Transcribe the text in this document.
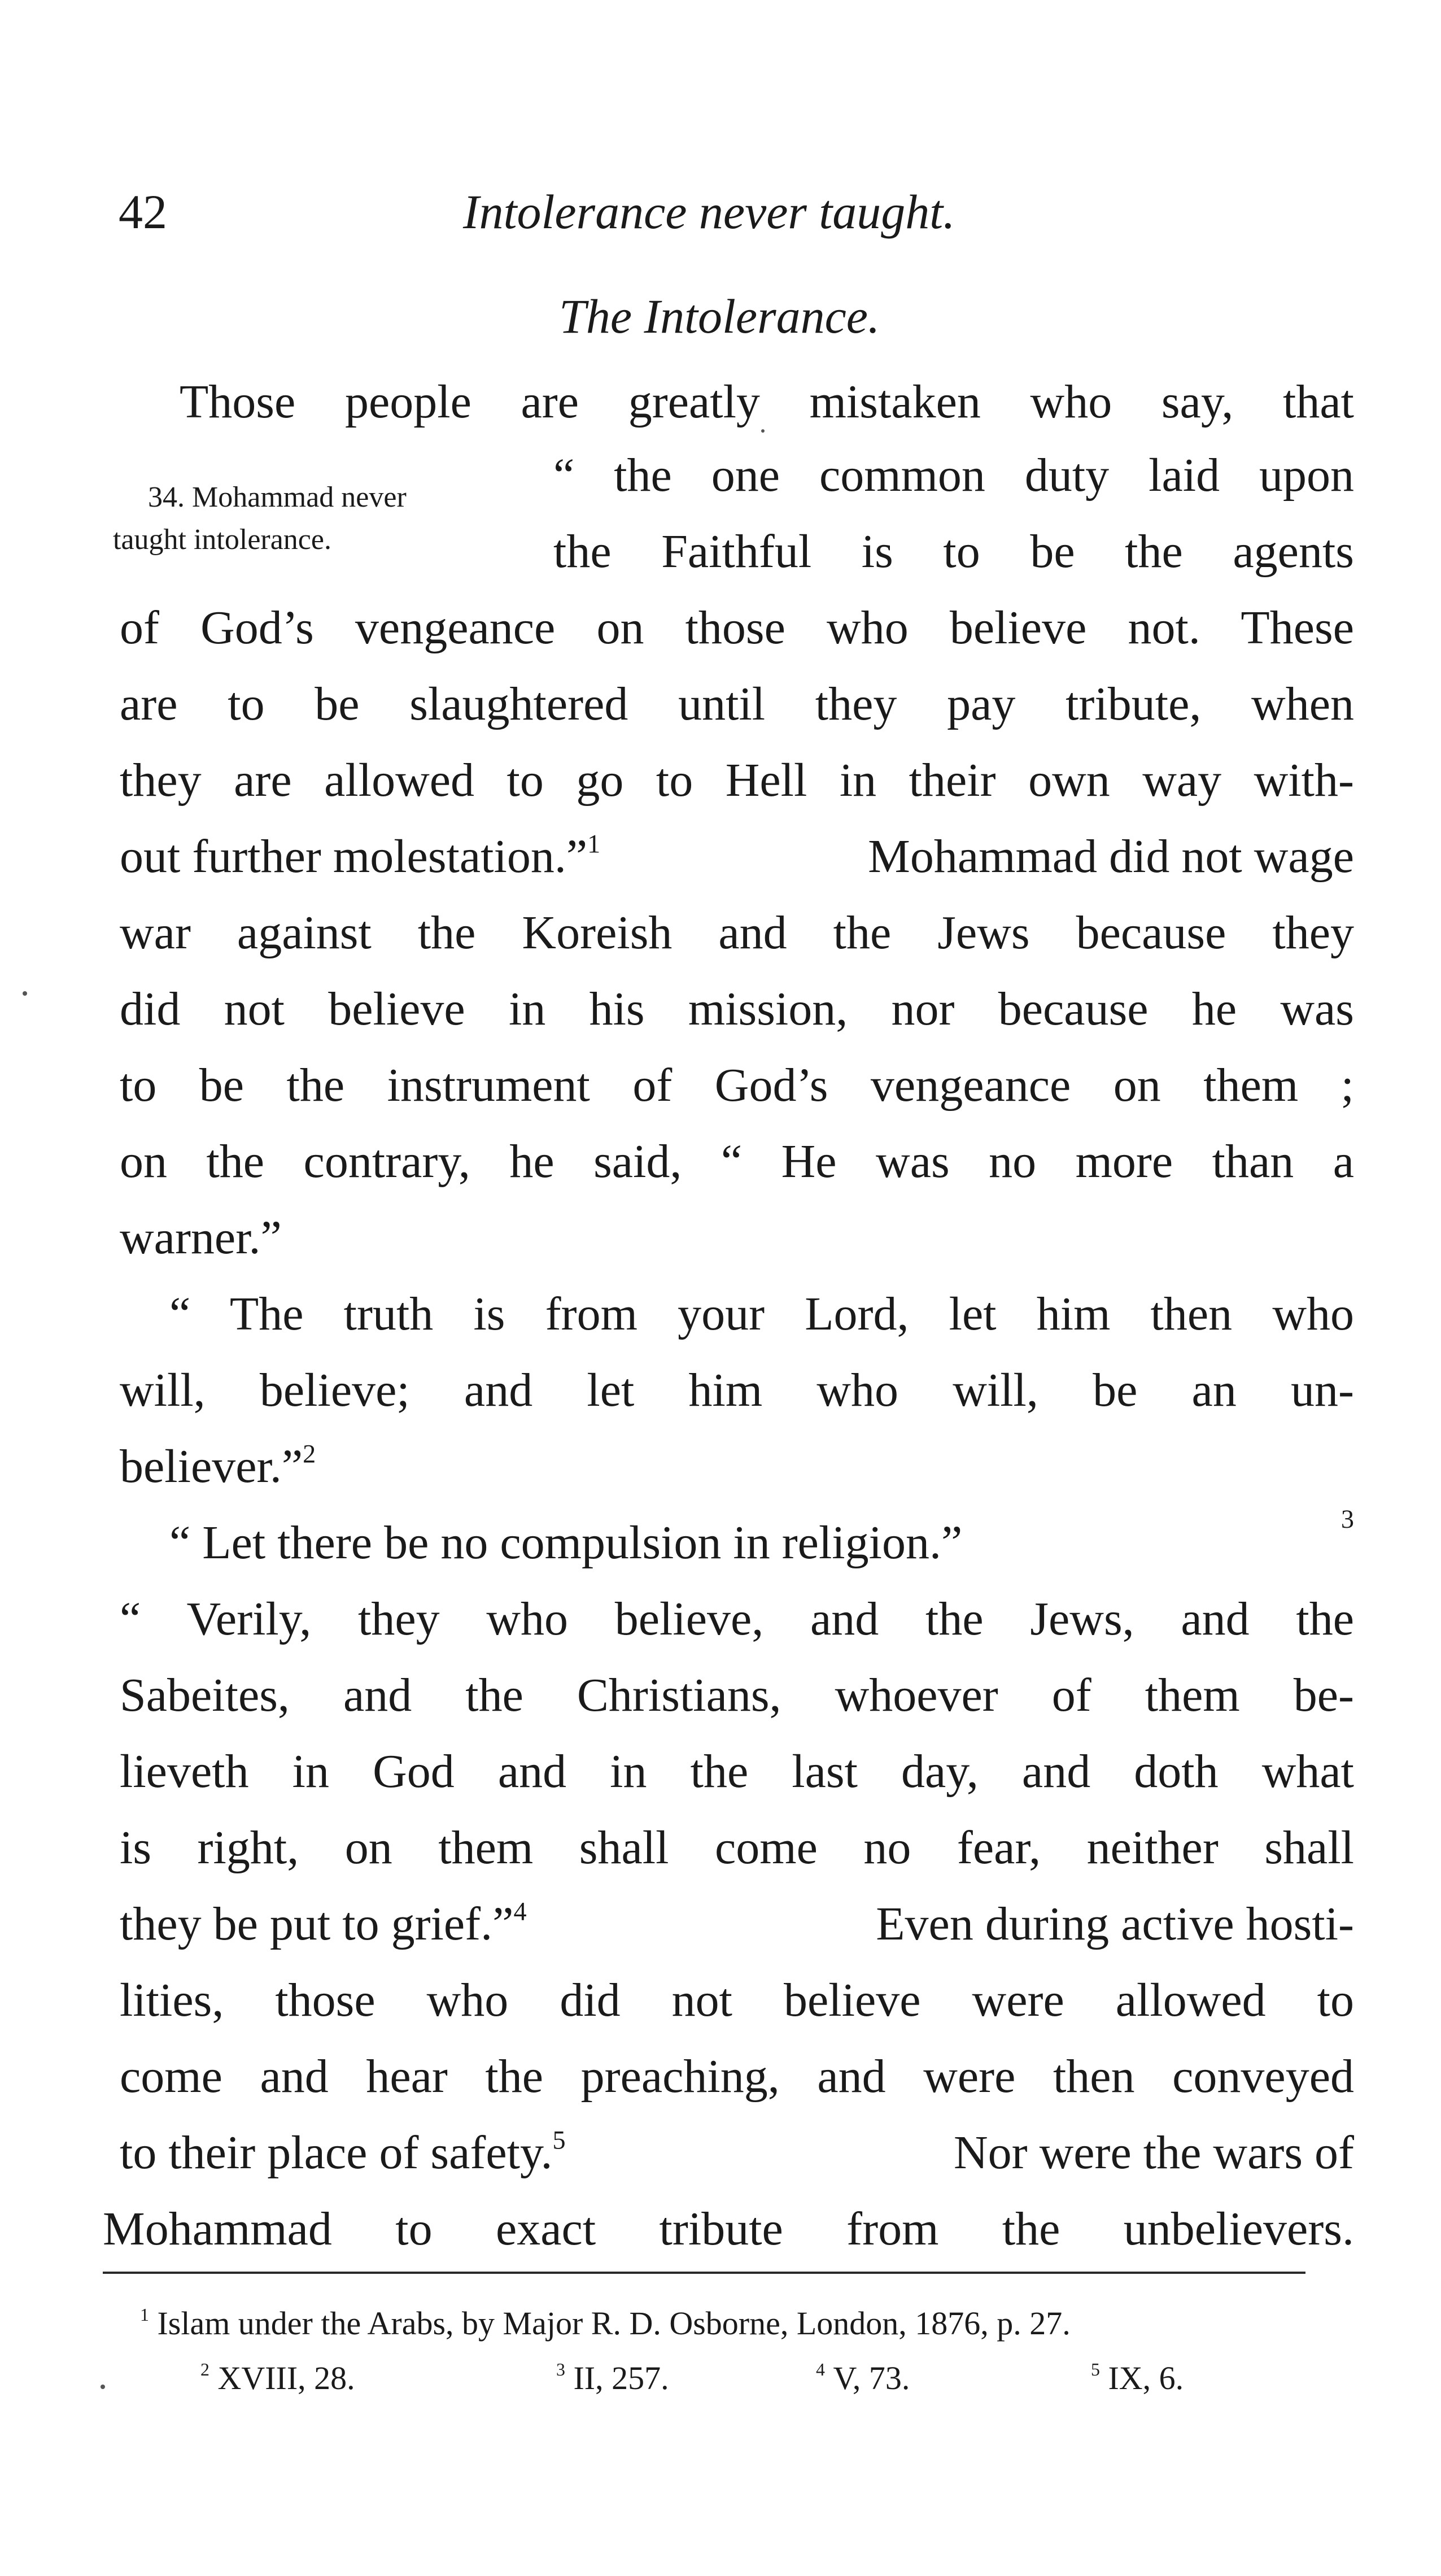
42	Intolerance never taught.
The Intolerance.
Those people are greatly mistaken who say, that
34. Mohammad never
taught intolerance.
“ the one common duty laid upon
the Faithful is to be the agents
of God’s vengeance on those who believe not. These
are to be slaughtered until they pay tribute, when
they are allowed to go to Hell in their own way with-
out further molestation.”$^1$	Mohammad did not wage
war against the Koreish and the Jews because they
did not believe in his mission, nor because he was
to be the instrument of God’s vengeance on them ;
on the contrary, he said, “ He was no more than a
warner.”
“ The truth is from your Lord, let him then who
will, believe; and let him who will, be an un-
believer.”$^2$
“ Let there be no compulsion in religion.”	3
“ Verily, they who believe, and the Jews, and the
Sabeites, and the Christians, whoever of them be-
lieveth in God and in the last day, and doth what
is right, on them shall come no fear, neither shall
they be put to grief.”$^4$	Even during active hosti-
lities, those who did not believe were allowed to
come and hear the preaching, and were then conveyed
to their place of safety.$^5$	Nor were the wars of
Mohammad to exact tribute from the unbelievers.
$^1$ Islam under the Arabs, by Major R. D. Osborne, London, 1876, p. 27.
$^2$ XVIII, 28.	$^3$ II, 257.	$^4$ V, 73.	$^5$ IX, 6.
